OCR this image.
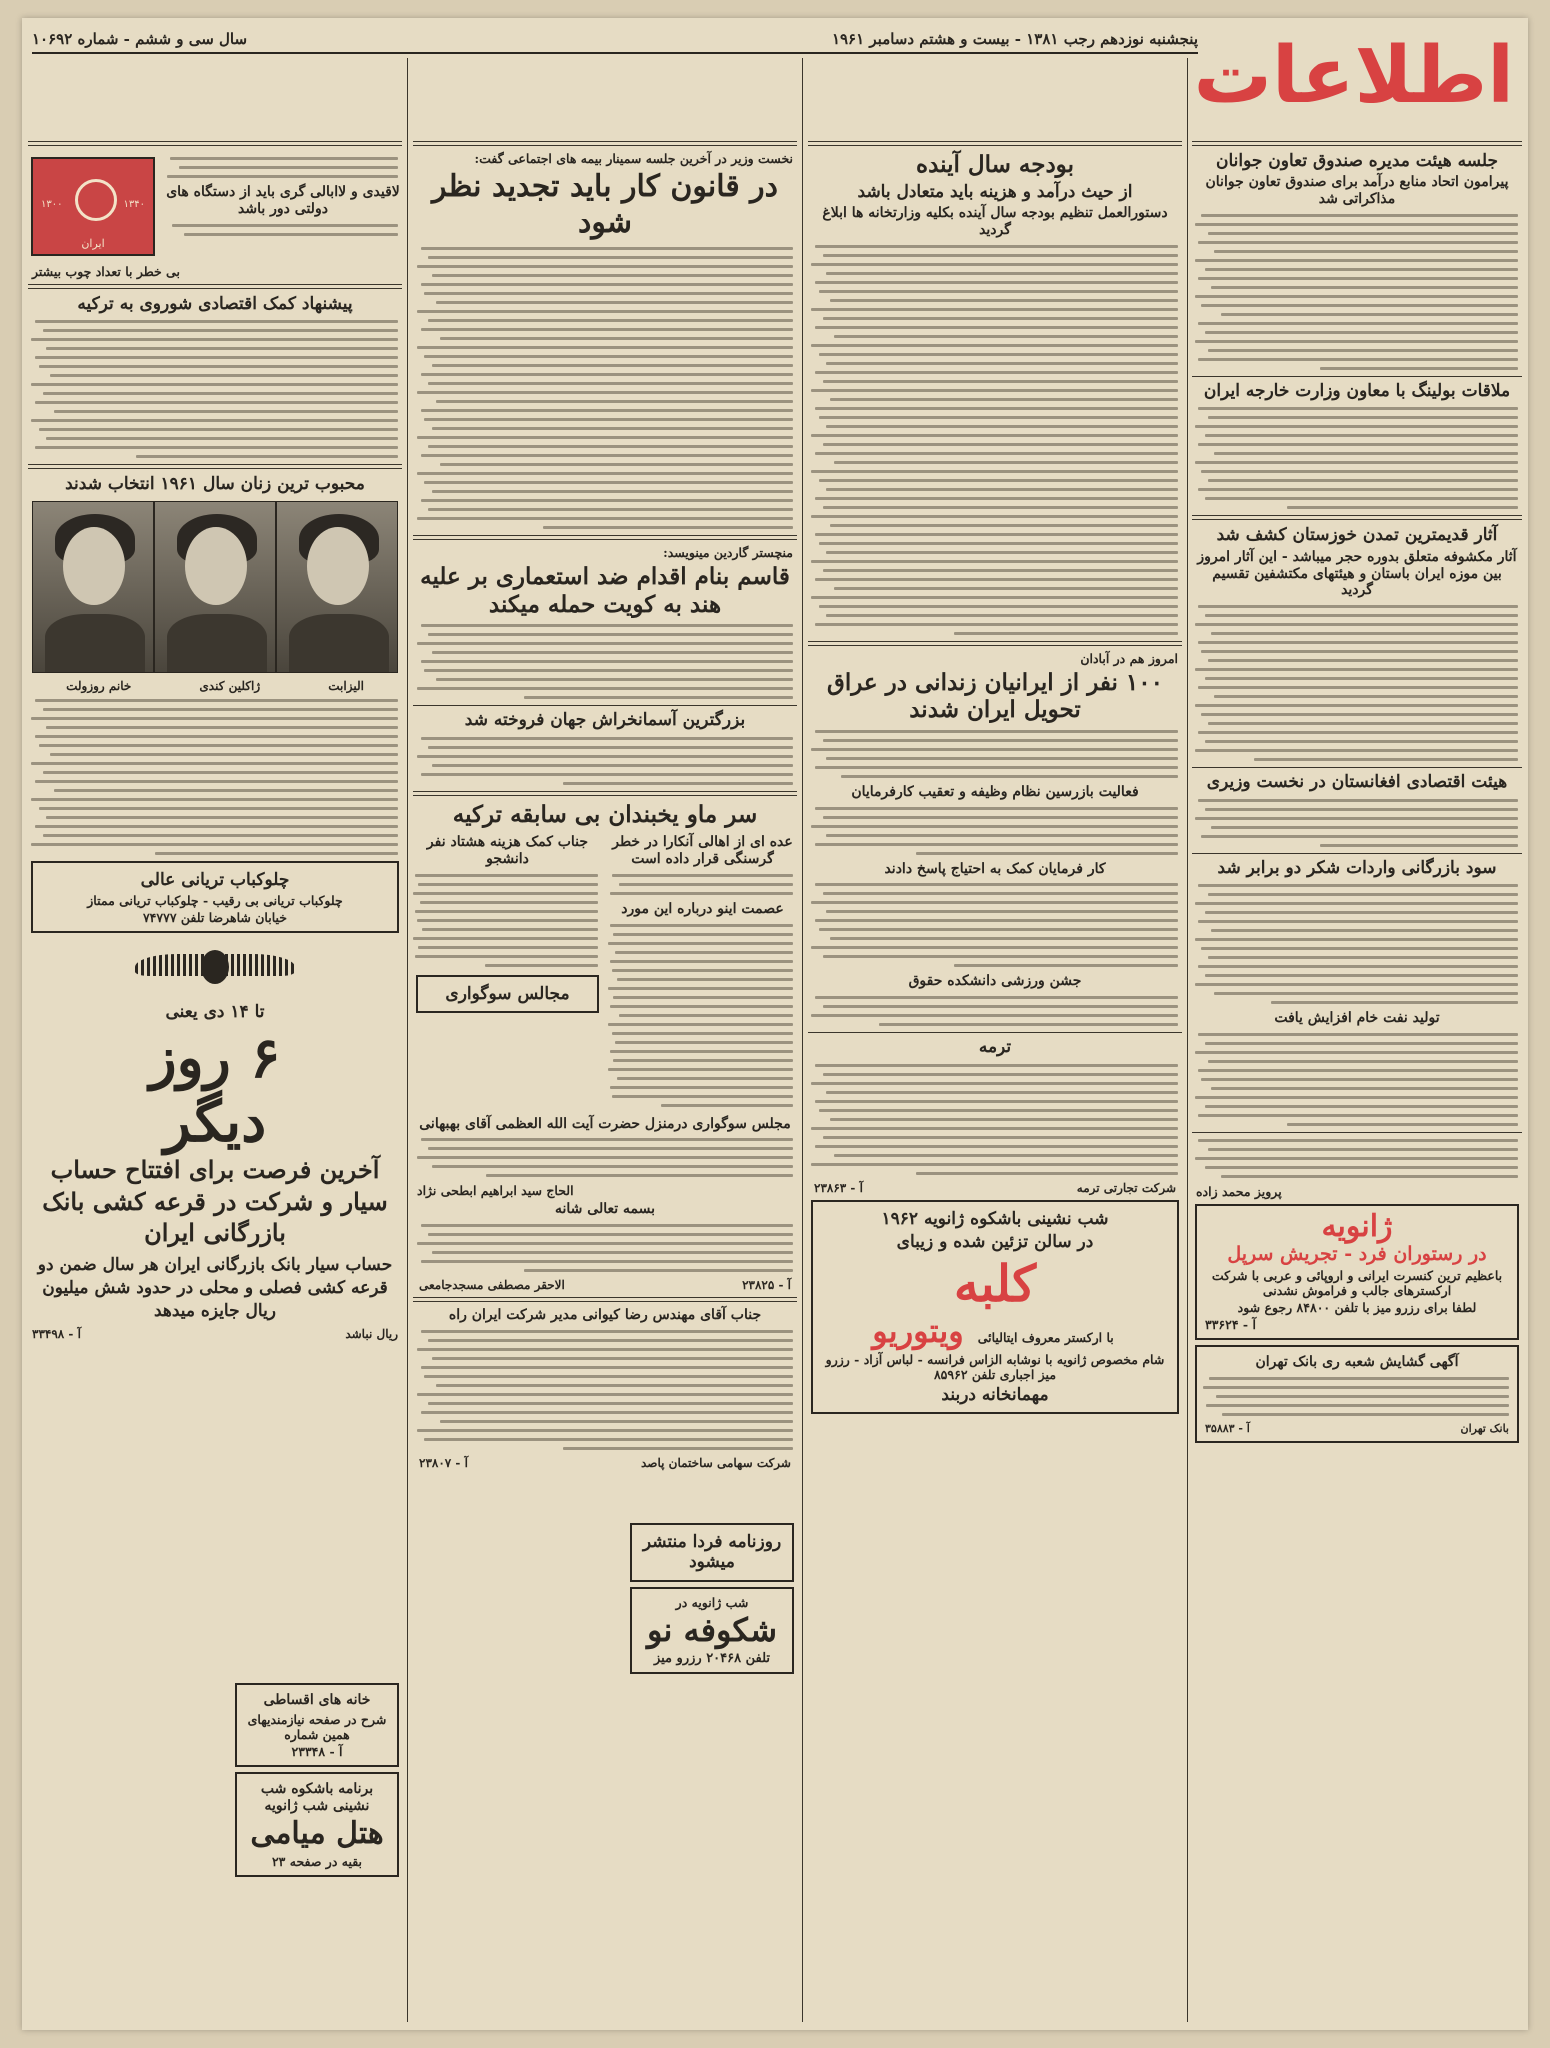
اطلاعات
پنجشنبه نوزدهم رجب ۱۳۸۱ - بیست و هشتم دسامبر ۱۹۶۱
سال سی و ششم - شماره ۱۰۶۹۲
جلسه هیئت مدیره صندوق تعاون جوانان
پیرامون اتحاد منابع درآمد برای صندوق تعاون جوانان مذاکراتی شد
ملاقات بولینگ با معاون وزارت خارجه ایران
آثار قدیمترین تمدن خوزستان کشف شد
آثار مکشوفه متعلق بدوره حجر میباشد - این آثار امروز بین موزه ایران باستان و هیئتهای مکتشفین تقسیم گردید
هیئت اقتصادی افغانستان در نخست وزیری
سود بازرگانی واردات شکر دو برابر شد
تولید نفت خام افزایش یافت
پرویز محمد زاده
ژانویه
در رستوران فرد - تجریش سرپل
باعظیم ترین کنسرت ایرانی و اروپائی و عربی با شرکت ارکسترهای جالب و فراموش نشدنی
لطفا برای رزرو میز با تلفن ۸۴۸۰۰ رجوع شود
آ - ۳۳۶۲۴
آگهی گشایش شعبه ری بانک تهران
بانک تهران
آ - ۳۵۸۸۳
بودجه سال آینده
از حیث درآمد و هزینه باید متعادل باشد
دستورالعمل تنظیم بودجه سال آینده بکلیه وزارتخانه ها ابلاغ گردید
امروز هم در آبادان
۱۰۰ نفر از ایرانیان زندانی در عراق تحویل ایران شدند
فعالیت بازرسین نظام وظیفه و تعقیب کارفرمایان
کار فرمایان کمک به احتیاج پاسخ دادند
جشن ورزشی دانشکده حقوق
ترمه
شرکت تجارتی ترمه
آ - ۲۳۸۶۳
شب نشینی باشکوه ژانویه ۱۹۶۲
در سالن تزئین شده و زیبای
کلبه
با ارکستر معروف ایتالیائی
ویتوریو
شام مخصوص ژانویه با نوشابه الزاس فرانسه - لباس آزاد - رزرو میز اجباری تلفن ۸۵۹۶۲
مهمانخانه دربند
نخست وزیر در آخرین جلسه سمینار بیمه های اجتماعی گفت:
در قانون کار باید تجدید نظر شود
منچستر گاردین مینویسد:
قاسم بنام اقدام ضد استعماری بر علیه هند به کویت حمله میکند
بزرگترین آسمانخراش جهان فروخته شد
سر ماو یخبندان بی سابقه ترکیه
عده ای از اهالی آنکارا در خطر گرسنگی قرار داده است
عصمت اینو درباره این مورد
جناب کمک هزینه هشتاد نفر دانشجو
مجالس سوگواری
مجلس سوگواری درمنزل حضرت آیت الله العظمی آقای بهبهانی
الحاج سید ابراهیم ابطحی نژاد
بسمه تعالی شانه
آ - ۲۳۸۲۵
الاحقر مصطفی مسجدجامعی
جناب آقای مهندس رضا کیوانی مدیر شرکت ایران راه
شرکت سهامی ساختمان پاصد
آ - ۲۳۸۰۷
روزنامه فردا منتشر میشود
شب ژانویه در
شکوفه نو
تلفن ۲۰۴۶۸ رزرو میز
لاقیدی و لاابالی گری باید از دستگاه های دولتی دور باشد
۱۳۰۰	۱۳۴۰
ایران
بی خطر با تعداد چوب بیشتر
پیشنهاد کمک اقتصادی شوروی به ترکیه
محبوب ترین زنان سال ۱۹۶۱ انتخاب شدند
الیزابت
ژاکلین کندی
خانم روزولت
چلوکباب تریانی عالی
چلوکباب تریانی بی رقیب - چلوکباب تریانی ممتاز
خیابان شاهرضا تلفن ۷۴۷۷۷
تا ۱۴ دی یعنی
۶ روز
دیگر
آخرین فرصت برای افتتاح حساب سیار و شرکت در قرعه کشی بانک بازرگانی ایران
حساب سیار بانک بازرگانی ایران هر سال ضمن دو قرعه کشی فصلی و محلی در حدود شش میلیون ریال جایزه میدهد
ریال نباشد
آ - ۳۳۴۹۸
خانه های اقساطی
شرح در صفحه نیازمندیهای همین شماره
آ - ۲۳۳۴۸
برنامه باشکوه شب نشینی شب ژانویه
هتل میامی
بقیه در صفحه ۲۳
